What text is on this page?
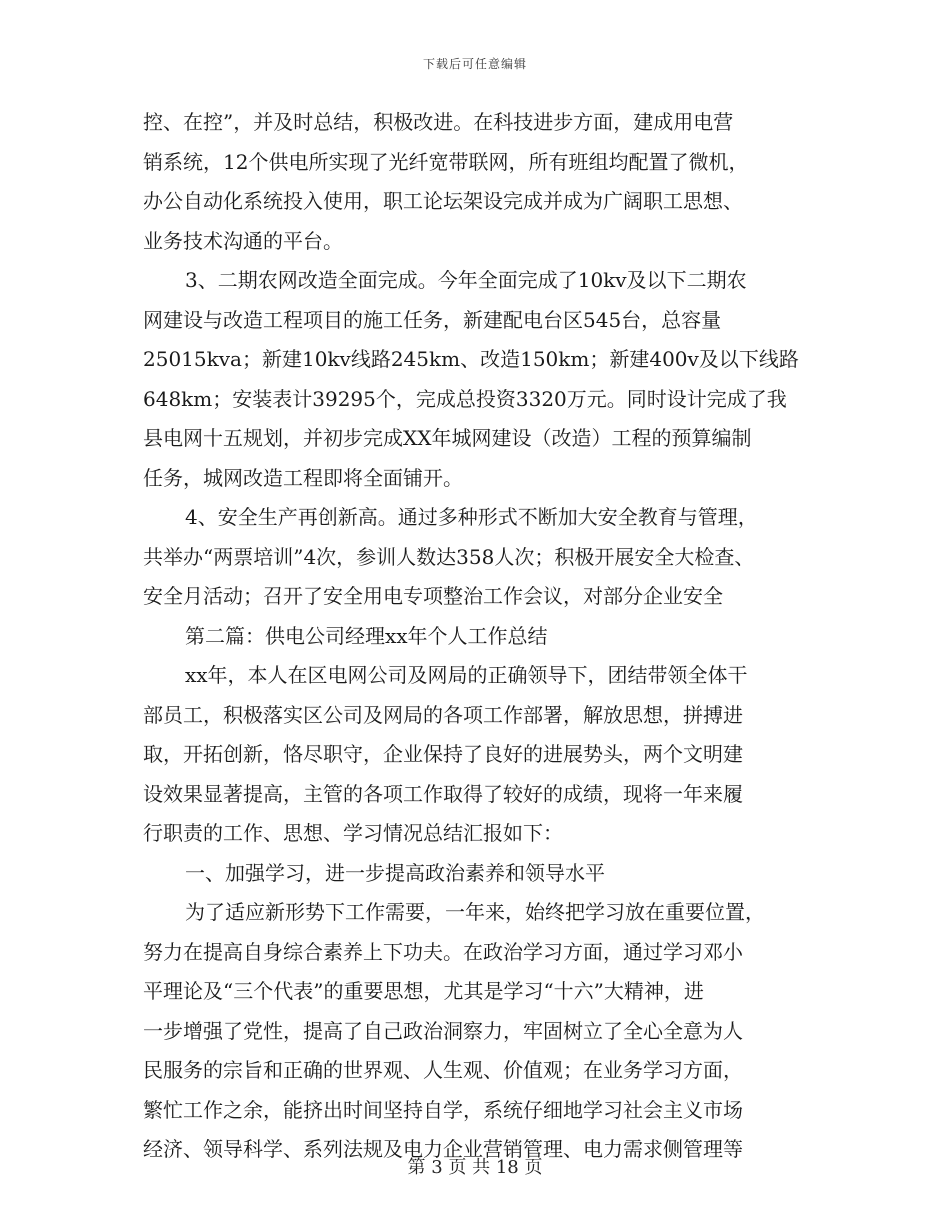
下载后可任意编辑
控、在控”，并及时总结，积极改进。在科技进步方面，建成用电营
销系统，12个供电所实现了光纤宽带联网，所有班组均配置了微机，
办公自动化系统投入使用，职工论坛架设完成并成为广阔职工思想、
业务技术沟通的平台。
3、二期农网改造全面完成。今年全面完成了10kv及以下二期农
网建设与改造工程项目的施工任务，新建配电台区545台，总容量
25015kva；新建10kv线路245km、改造150km；新建400v及以下线路
648km；安装表计39295个，完成总投资3320万元。同时设计完成了我
县电网十五规划，并初步完成XX年城网建设（改造）工程的预算编制
任务，城网改造工程即将全面铺开。
4、安全生产再创新高。通过多种形式不断加大安全教育与管理，
共举办“两票培训”4次，参训人数达358人次；积极开展安全大检查、
安全月活动；召开了安全用电专项整治工作会议，对部分企业安全
第二篇：供电公司经理xx年个人工作总结
xx年，本人在区电网公司及网局的正确领导下，团结带领全体干
部员工，积极落实区公司及网局的各项工作部署，解放思想，拼搏进
取，开拓创新，恪尽职守，企业保持了良好的进展势头，两个文明建
设效果显著提高，主管的各项工作取得了较好的成绩，现将一年来履
行职责的工作、思想、学习情况总结汇报如下：
一、加强学习，进一步提高政治素养和领导水平
为了适应新形势下工作需要，一年来，始终把学习放在重要位置，
努力在提高自身综合素养上下功夫。在政治学习方面，通过学习邓小
平理论及“三个代表”的重要思想，尤其是学习“十六”大精神，进
一步增强了党性，提高了自己政治洞察力，牢固树立了全心全意为人
民服务的宗旨和正确的世界观、人生观、价值观；在业务学习方面，
繁忙工作之余，能挤出时间坚持自学，系统仔细地学习社会主义市场
经济、领导科学、系列法规及电力企业营销管理、电力需求侧管理等
第 3 页 共 18 页
